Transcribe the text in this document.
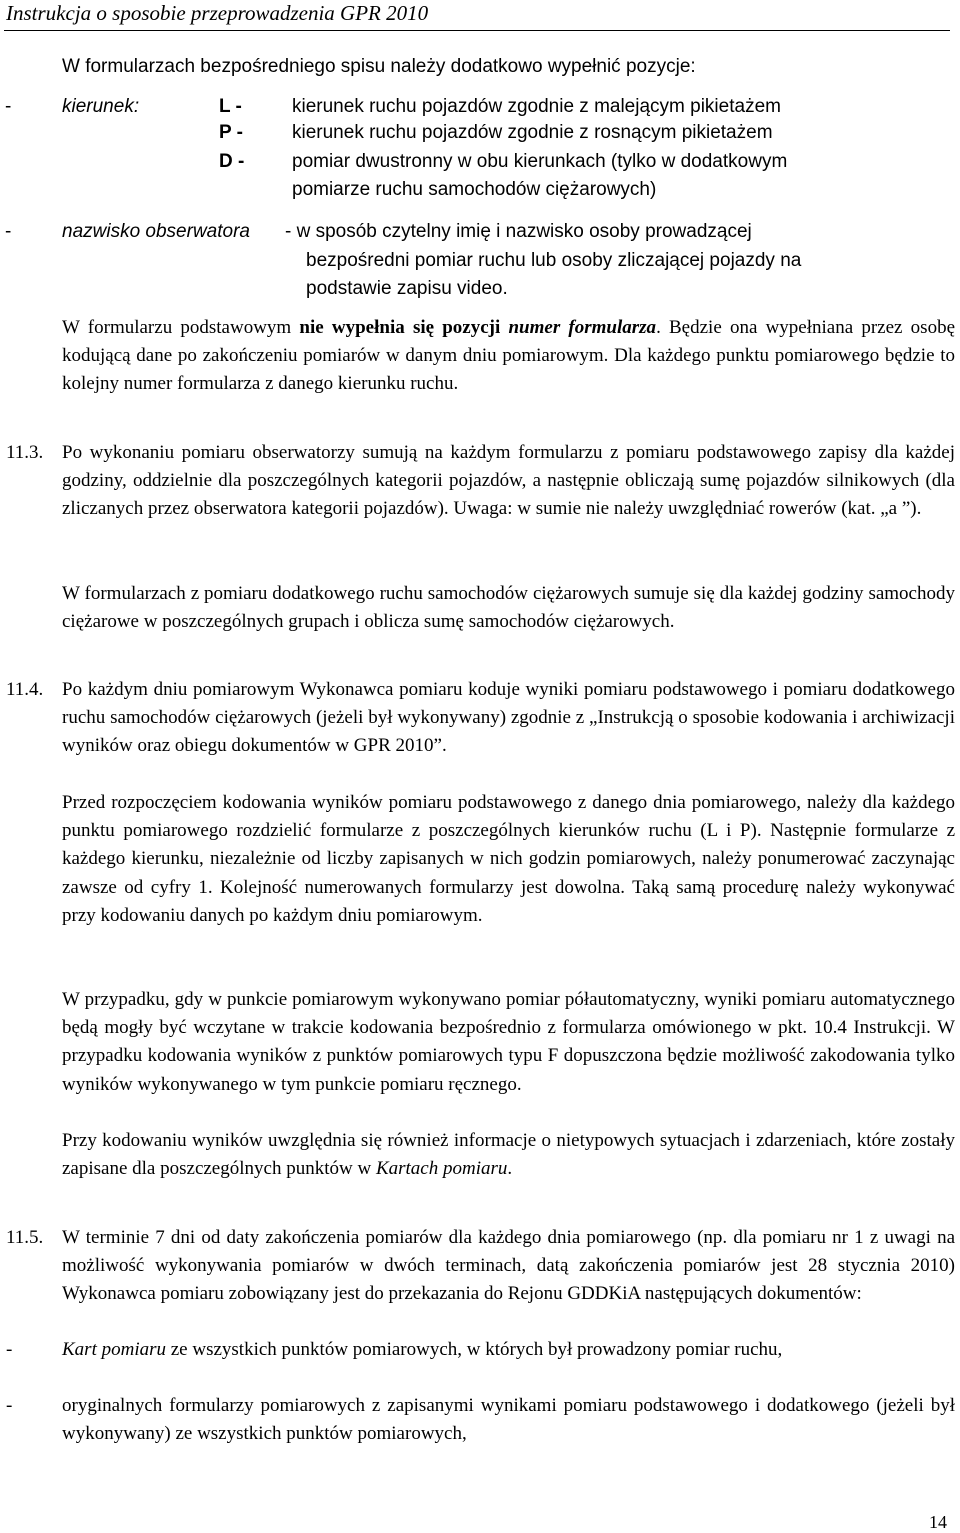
Instrukcja o sposobie przeprowadzenia GPR 2010
W formularzach bezpośredniego spisu należy dodatkowo wypełnić pozycje:
-	kierunek:	L -	kierunek ruchu pojazdów zgodnie z malejącym pikietażem
P -	kierunek ruchu pojazdów zgodnie z rosnącym pikietażem
D -	pomiar dwustronny w obu kierunkach (tylko w dodatkowym
pomiarze ruchu samochodów ciężarowych)
-	nazwisko obserwatora - w sposób czytelny imię i nazwisko osoby prowadzącej
bezpośredni pomiar ruchu lub osoby zliczającej pojazdy na
podstawie zapisu video.
W formularzu podstawowym nie wypełnia się pozycji numer formularza. Będzie ona wypełniana przez osobę kodującą dane po zakończeniu pomiarów w danym dniu pomiarowym. Dla każdego punktu pomiarowego będzie to kolejny numer formularza z danego kierunku ruchu.
11.3. Po wykonaniu pomiaru obserwatorzy sumują na każdym formularzu z pomiaru podstawowego zapisy dla każdej godziny, oddzielnie dla poszczególnych kategorii pojazdów, a następnie obliczają sumę pojazdów silnikowych (dla zliczanych przez obserwatora kategorii pojazdów). Uwaga: w sumie nie należy uwzględniać rowerów (kat. „a ”).
W formularzach z pomiaru dodatkowego ruchu samochodów ciężarowych sumuje się dla każdej godziny samochody ciężarowe w poszczególnych grupach i oblicza sumę samochodów ciężarowych.
11.4. Po każdym dniu pomiarowym Wykonawca pomiaru koduje wyniki pomiaru podstawowego i pomiaru dodatkowego ruchu samochodów ciężarowych (jeżeli był wykonywany) zgodnie z „Instrukcją o sposobie kodowania i archiwizacji wyników oraz obiegu dokumentów w GPR 2010”.
Przed rozpoczęciem kodowania wyników pomiaru podstawowego z danego dnia pomiarowego, należy dla każdego punktu pomiarowego rozdzielić formularze z poszczególnych kierunków ruchu (L i P). Następnie formularze z każdego kierunku, niezależnie od liczby zapisanych w nich godzin pomiarowych, należy ponumerować zaczynając zawsze od cyfry 1. Kolejność numerowanych formularzy jest dowolna. Taką samą procedurę należy wykonywać przy kodowaniu danych po każdym dniu pomiarowym.
W przypadku, gdy w punkcie pomiarowym wykonywano pomiar półautomatyczny, wyniki pomiaru automatycznego będą mogły być wczytane w trakcie kodowania bezpośrednio z formularza omówionego w pkt. 10.4 Instrukcji. W przypadku kodowania wyników z punktów pomiarowych typu F dopuszczona będzie możliwość zakodowania tylko wyników wykonywanego w tym punkcie pomiaru ręcznego.
Przy kodowaniu wyników uwzględnia się również informacje o nietypowych sytuacjach i zdarzeniach, które zostały zapisane dla poszczególnych punktów w Kartach pomiaru.
11.5. W terminie 7 dni od daty zakończenia pomiarów dla każdego dnia pomiarowego (np. dla pomiaru nr 1 z uwagi na możliwość wykonywania pomiarów w dwóch terminach, datą zakończenia pomiarów jest 28 stycznia 2010) Wykonawca pomiaru zobowiązany jest do przekazania do Rejonu GDDKiA następujących dokumentów:
-	Kart pomiaru ze wszystkich punktów pomiarowych, w których był prowadzony pomiar ruchu,
-	oryginalnych formularzy pomiarowych z zapisanymi wynikami pomiaru podstawowego i dodatkowego (jeżeli był wykonywany) ze wszystkich punktów pomiarowych,
14
